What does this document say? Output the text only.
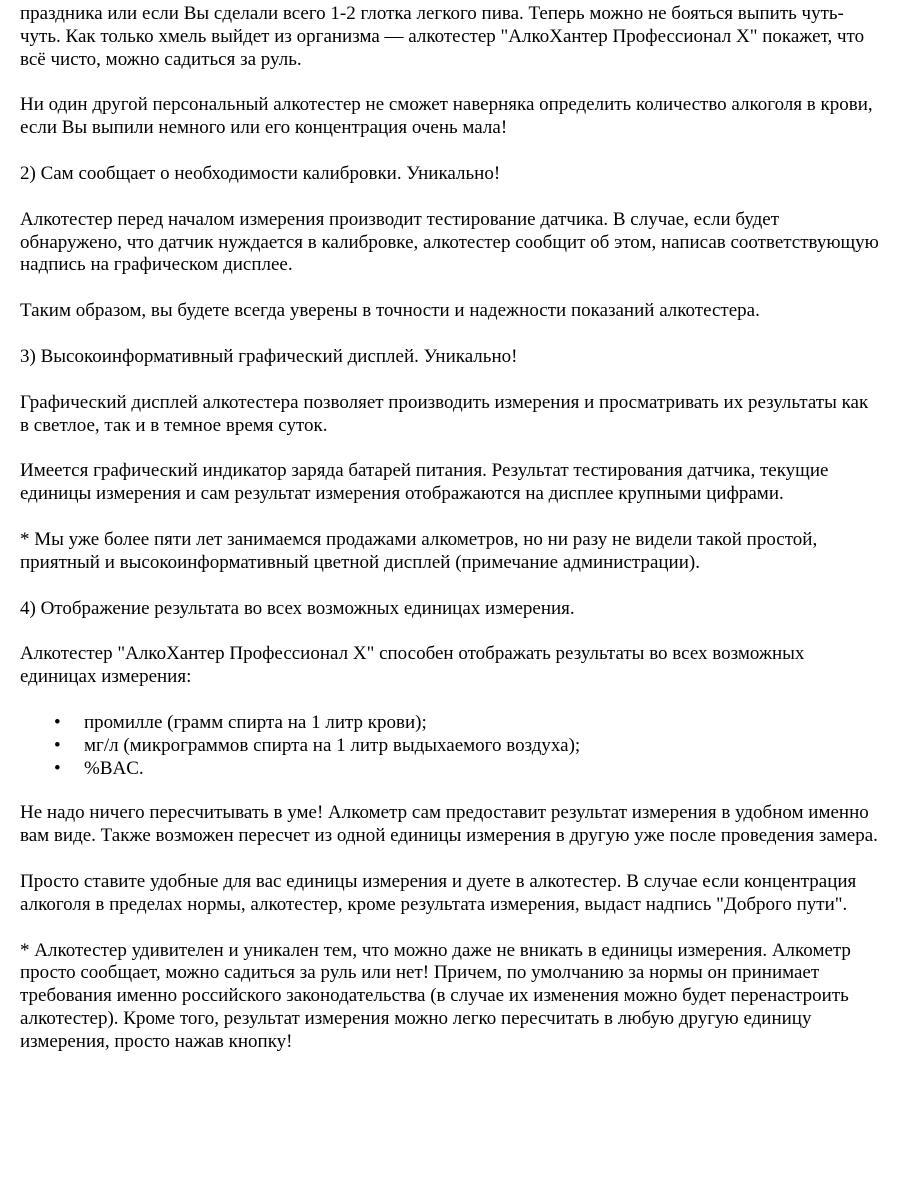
праздника или если Вы сделали всего 1-2 глотка легкого пива. Теперь можно не бояться выпить чуть-чуть. Как только хмель выйдет из организма — алкотестер "АлкоХантер Профессионал Х" покажет, что всё чисто, можно садиться за руль.

Ни один другой персональный алкотестер не сможет наверняка определить количество алкоголя в крови, если Вы выпили немного или его концентрация очень мала!

2) Сам сообщает о необходимости калибровки. Уникально!

Алкотестер перед началом измерения производит тестирование датчика. В случае, если будет обнаружено, что датчик нуждается в калибровке, алкотестер сообщит об этом, написав соответствующую надпись на графическом дисплее.

Таким образом, вы будете всегда уверены в точности и надежности показаний алкотестера.

3) Высокоинформативный графический дисплей. Уникально!

Графический дисплей алкотестера позволяет производить измерения и просматривать их результаты как в светлое, так и в темное время суток.

Имеется графический индикатор заряда батарей питания. Результат тестирования датчика, текущие единицы измерения и сам результат измерения отображаются на дисплее крупными цифрами.

* Мы уже более пяти лет занимаемся продажами алкометров, но ни разу не видели такой простой, приятный и высокоинформативный цветной дисплей (примечание администрации).

4) Отображение результата во всех возможных единицах измерения.

Алкотестер "АлкоХантер Профессионал Х" способен отображать результаты во всех возможных единицах измерения:

• промилле (грамм спирта на 1 литр крови);
• мг/л (микрограммов спирта на 1 литр выдыхаемого воздуха);
• %BAC.

Не надо ничего пересчитывать в уме! Алкометр сам предоставит результат измерения в удобном именно вам виде. Также возможен пересчет из одной единицы измерения в другую уже после проведения замера.

Просто ставите удобные для вас единицы измерения и дуете в алкотестер. В случае если концентрация алкоголя в пределах нормы, алкотестер, кроме результата измерения, выдаст надпись "Доброго пути".

* Алкотестер удивителен и уникален тем, что можно даже не вникать в единицы измерения. Алкометр просто сообщает, можно садиться за руль или нет! Причем, по умолчанию за нормы он принимает требования именно российского законодательства (в случае их изменения можно будет перенастроить алкотестер). Кроме того, результат измерения можно легко пересчитать в любую другую единицу измерения, просто нажав кнопку!
